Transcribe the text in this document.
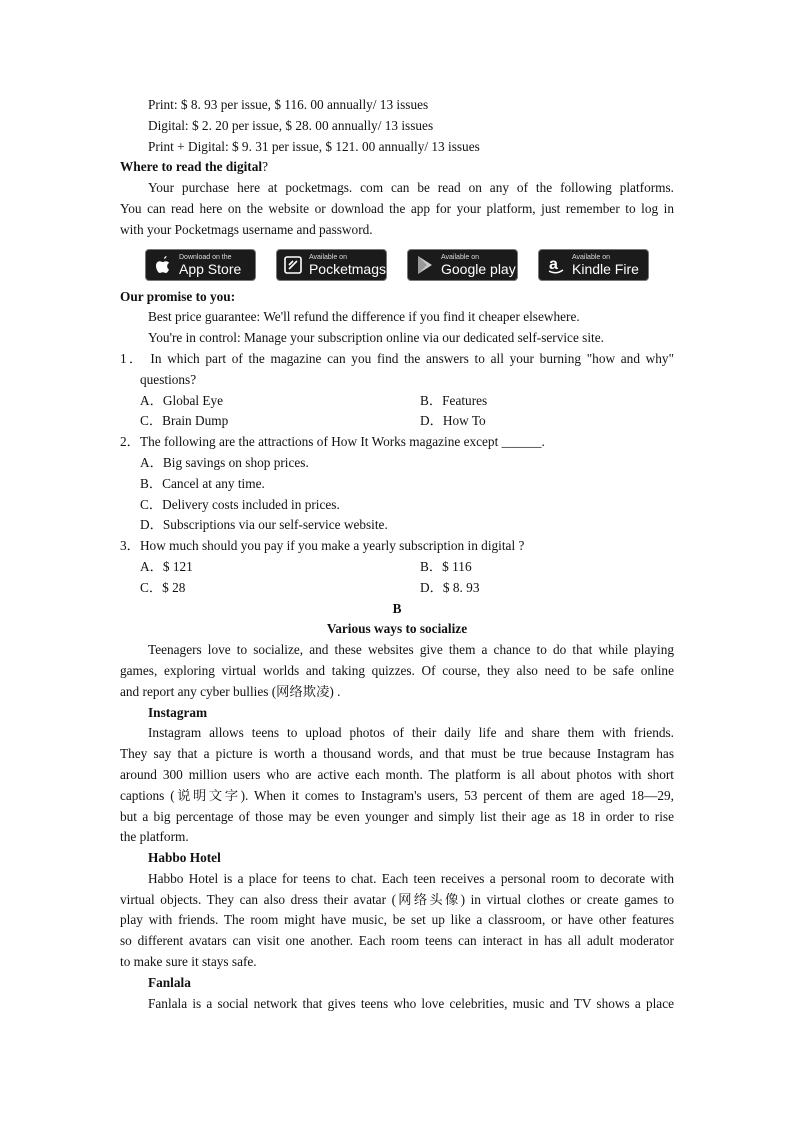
Print: $ 8. 93 per issue, $ 116. 00 annually/ 13 issues
Digital: $ 2. 20 per issue, $ 28. 00 annually/ 13 issues
Print + Digital: $ 9. 31 per issue, $ 121. 00 annually/ 13 issues
Where to read the digital?
Your purchase here at pocketmags. com can be read on any of the following platforms.
You can read here on the website or download the app for your platform, just remember to log in
with your Pocketmags username and password.
Download on the
App Store
Available on
Pocketmags
Available on
Google play a Available on
Kindle Fire
Our promise to you:
Best price guarantee: We'll refund the difference if you find it cheaper elsewhere.
You're in control: Manage your subscription online via our dedicated self-service site.
1． In which part of the magazine can you find the answers to all your burning "how and why"
questions?
A．Global Eye	B．Features
C．Brain Dump	D．How To
2．The following are the attractions of How It Works magazine except ______.
A．Big savings on shop prices.
B．Cancel at any time.
C．Delivery costs included in prices.
D．Subscriptions via our self-service website.
3．How much should you pay if you make a yearly subscription in digital ?
A．$ 121	B．$ 116
C．$ 28	D．$ 8. 93
B
Various ways to socialize
Teenagers love to socialize, and these websites give them a chance to do that while playing
games, exploring virtual worlds and taking quizzes. Of course, they also need to be safe online
and report any cyber bullies (网络欺凌) .
Instagram
Instagram allows teens to upload photos of their daily life and share them with friends.
They say that a picture is worth a thousand words, and that must be true because Instagram has
around 300 million users who are active each month. The platform is all about photos with short
captions (说明文字). When it comes to Instagram's users, 53 percent of them are aged 18—29,
but a big percentage of those may be even younger and simply list their age as 18 in order to rise
the platform.
Habbo Hotel
Habbo Hotel is a place for teens to chat. Each teen receives a personal room to decorate with
virtual objects. They can also dress their avatar (网络头像) in virtual clothes or create games to
play with friends. The room might have music, be set up like a classroom, or have other features
so different avatars can visit one another. Each room teens can interact in has all adult moderator
to make sure it stays safe.
Fanlala
Fanlala is a social network that gives teens who love celebrities, music and TV shows a place
